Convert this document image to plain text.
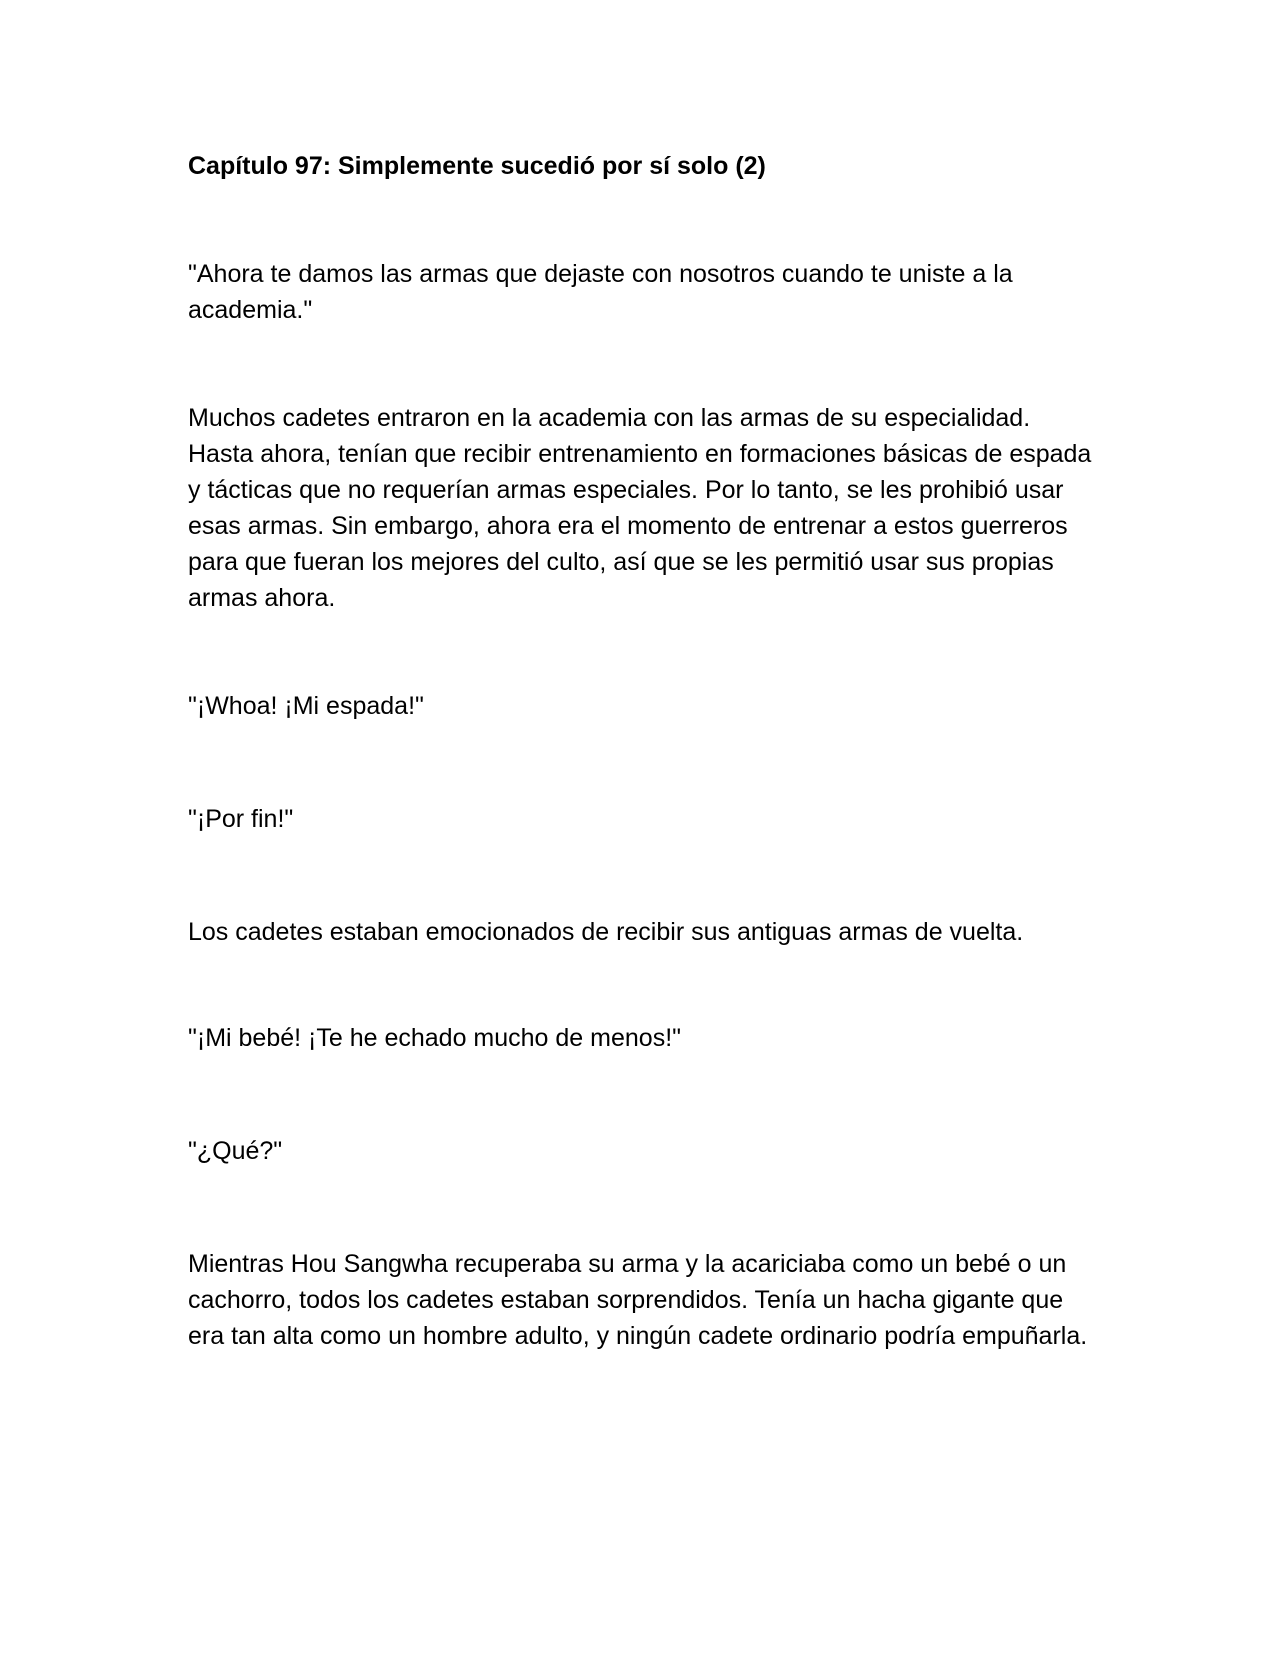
Capítulo 97: Simplemente sucedió por sí solo (2)

"Ahora te damos las armas que dejaste con nosotros cuando te uniste a la academia."

Muchos cadetes entraron en la academia con las armas de su especialidad. Hasta ahora, tenían que recibir entrenamiento en formaciones básicas de espada y tácticas que no requerían armas especiales. Por lo tanto, se les prohibió usar esas armas. Sin embargo, ahora era el momento de entrenar a estos guerreros para que fueran los mejores del culto, así que se les permitió usar sus propias armas ahora.

"¡Whoa! ¡Mi espada!"

"¡Por fin!"

Los cadetes estaban emocionados de recibir sus antiguas armas de vuelta.

"¡Mi bebé! ¡Te he echado mucho de menos!"

"¿Qué?"

Mientras Hou Sangwha recuperaba su arma y la acariciaba como un bebé o un cachorro, todos los cadetes estaban sorprendidos. Tenía un hacha gigante que era tan alta como un hombre adulto, y ningún cadete ordinario podría empuñarla.
